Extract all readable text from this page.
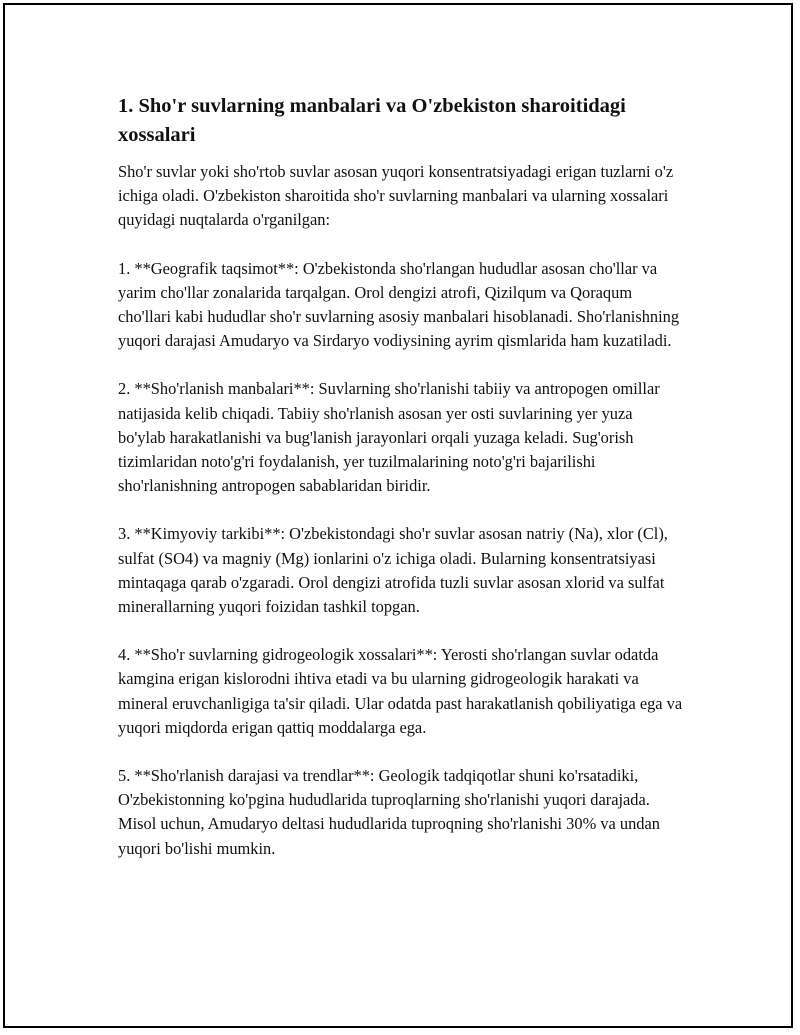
1. Sho'r suvlarning manbalari va O'zbekiston sharoitidagi xossalari

Sho'r suvlar yoki sho'rtob suvlar asosan yuqori konsentratsiyadagi erigan tuzlarni o'z ichiga oladi. O'zbekiston sharoitida sho'r suvlarning manbalari va ularning xossalari quyidagi nuqtalarda o'rganilgan:

1. **Geografik taqsimot**: O'zbekistonda sho'rlangan hududlar asosan cho'llar va yarim cho'llar zonalarida tarqalgan. Orol dengizi atrofi, Qizilqum va Qoraqum cho'llari kabi hududlar sho'r suvlarning asosiy manbalari hisoblanadi. Sho'rlanishning yuqori darajasi Amudaryo va Sirdaryo vodiysining ayrim qismlarida ham kuzatiladi.

2. **Sho'rlanish manbalari**: Suvlarning sho'rlanishi tabiiy va antropogen omillar natijasida kelib chiqadi. Tabiiy sho'rlanish asosan yer osti suvlarining yer yuza bo'ylab harakatlanishi va bug'lanish jarayonlari orqali yuzaga keladi. Sug'orish tizimlaridan noto'g'ri foydalanish, yer tuzilmalarining noto'g'ri bajarilishi sho'rlanishning antropogen sabablaridan biridir.

3. **Kimyoviy tarkibi**: O'zbekistondagi sho'r suvlar asosan natriy (Na), xlor (Cl), sulfat (SO4) va magniy (Mg) ionlarini o'z ichiga oladi. Bularning konsentratsiyasi mintaqaga qarab o'zgaradi. Orol dengizi atrofida tuzli suvlar asosan xlorid va sulfat minerallarning yuqori foizidan tashkil topgan.

4. **Sho'r suvlarning gidrogeologik xossalari**: Yerosti sho'rlangan suvlar odatda kamgina erigan kislorodni ihtiva etadi va bu ularning gidrogeologik harakati va mineral eruvchanligiga ta'sir qiladi. Ular odatda past harakatlanish qobiliyatiga ega va yuqori miqdorda erigan qattiq moddalarga ega.

5. **Sho'rlanish darajasi va trendlar**: Geologik tadqiqotlar shuni ko'rsatadiki, O'zbekistonning ko'pgina hududlarida tuproqlarning sho'rlanishi yuqori darajada. Misol uchun, Amudaryo deltasi hududlarida tuproqning sho'rlanishi 30% va undan yuqori bo'lishi mumkin.
